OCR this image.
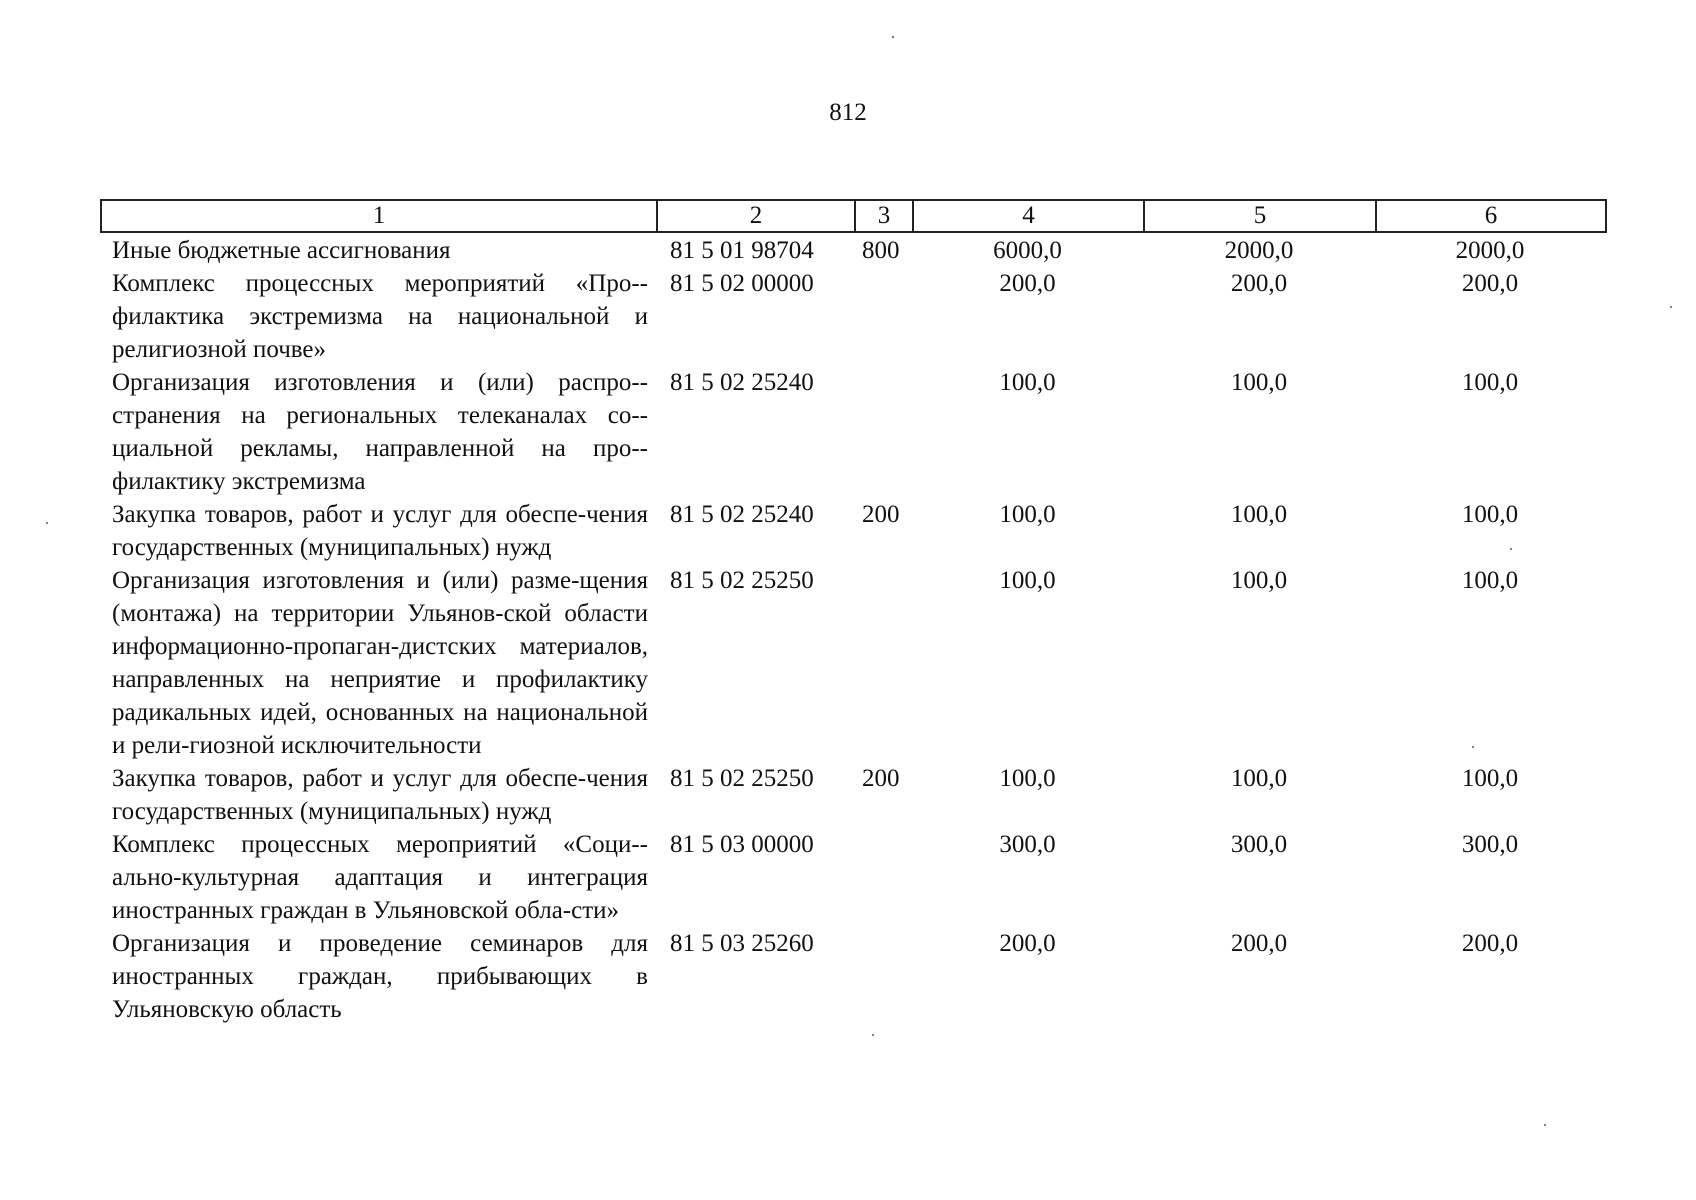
812
1	2	3	4	5	6
Иные бюджетные ассигнования	81 5 01 98704	800	6000,0	2000,0	2000,0
Комплекс процессных мероприятий «Про-филактика экстремизма на национальной и религиозной почве»	81 5 02 00000		200,0	200,0	200,0
Организация изготовления и (или) распро-странения на региональных телеканалах со-циальной рекламы, направленной на про-филактику экстремизма	81 5 02 25240		100,0	100,0	100,0
Закупка товаров, работ и услуг для обеспе-чения государственных (муниципальных) нужд	81 5 02 25240	200	100,0	100,0	100,0
Организация изготовления и (или) разме-щения (монтажа) на территории Ульянов-ской области информационно-пропаган-дистских материалов, направленных на неприятие и профилактику радикальных идей, основанных на национальной и рели-гиозной исключительности	81 5 02 25250		100,0	100,0	100,0
Закупка товаров, работ и услуг для обеспе-чения государственных (муниципальных) нужд	81 5 02 25250	200	100,0	100,0	100,0
Комплекс процессных мероприятий «Соци-ально-культурная адаптация и интеграция иностранных граждан в Ульяновской обла-сти»	81 5 03 00000		300,0	300,0	300,0
Организация и проведение семинаров для иностранных граждан, прибывающих в Ульяновскую область	81 5 03 25260		200,0	200,0	200,0
